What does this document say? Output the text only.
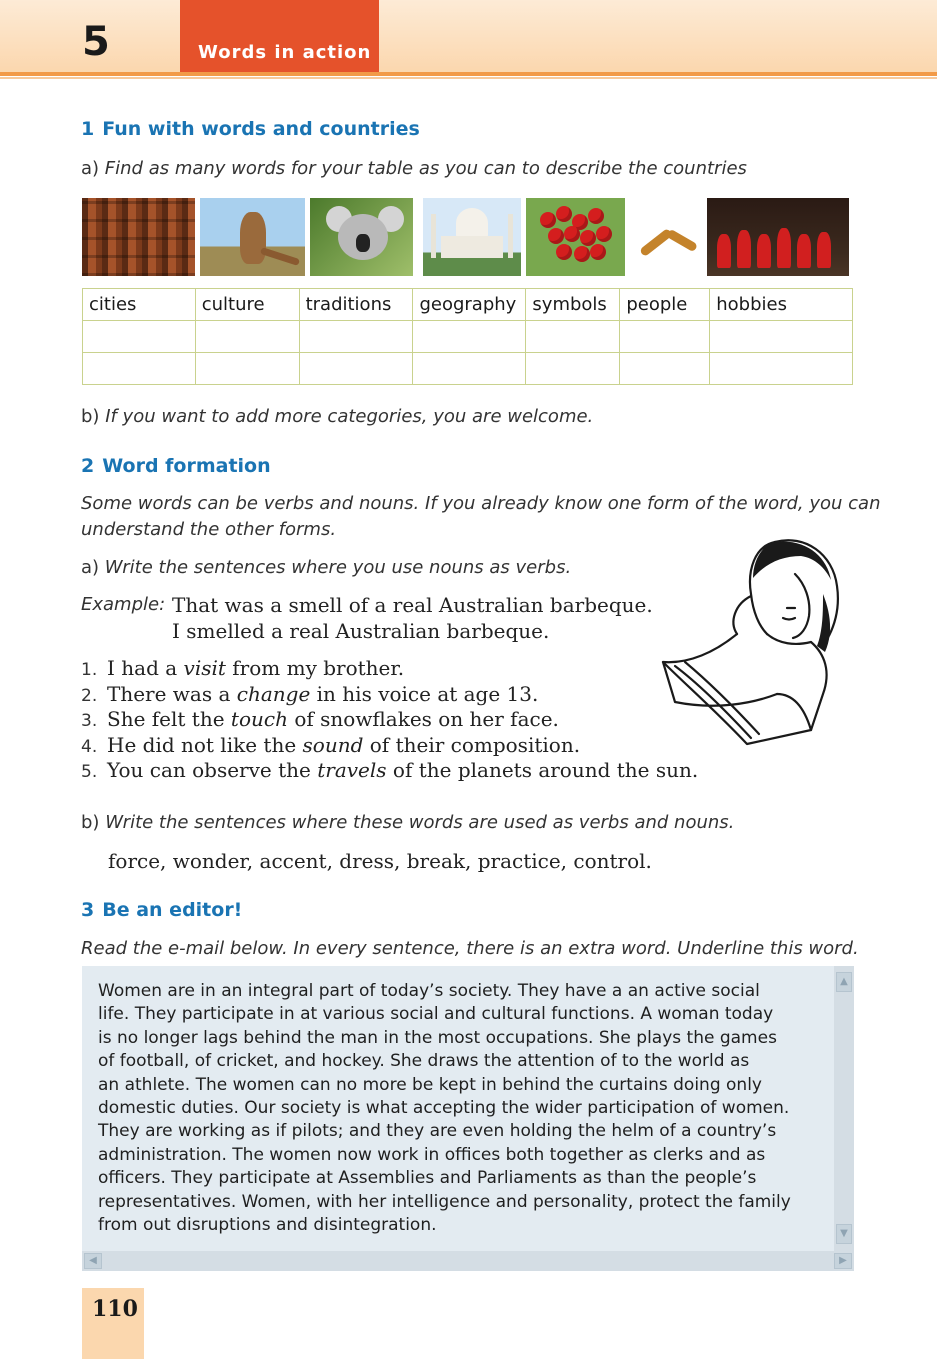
5	Words in action
1 Fun with words and countries
a) Find as many words for your table as you can to describe the countries
cities	culture	traditions	geography	symbols	people	hobbies

b) If you want to add more categories, you are welcome.
2 Word formation
Some words can be verbs and nouns. If you already know one form of the word, you can
understand the other forms.
a) Write the sentences where you use nouns as verbs.
Example: That was a smell of a real Australian barbeque.
I smelled a real Australian barbeque.
1. I had a visit from my brother.
2. There was a change in his voice at age 13.
3. She felt the touch of snowflakes on her face.
4. He did not like the sound of their composition.
5. You can observe the travels of the planets around the sun.
b) Write the sentences where these words are used as verbs and nouns.
force, wonder, accent, dress, break, practice, control.
3 Be an editor!
Read the e-mail below. In every sentence, there is an extra word. Underline this word.
Women are in an integral part of today’s society. They have a an active social
life. They participate in at various social and cultural functions. A woman today
is no longer lags behind the man in the most occupations. She plays the games
of football, of cricket, and hockey. She draws the attention of to the world as
an athlete. The women can no more be kept in behind the curtains doing only
domestic duties. Our society is what accepting the wider participation of women.
They are working as if pilots; and they are even holding the helm of a country’s
administration. The women now work in offices both together as clerks and as
officers. They participate at Assemblies and Parliaments as than the people’s
representatives. Women, with her intelligence and personality, protect the family
from out disruptions and disintegration.
▲
▼
◀	▶
110
